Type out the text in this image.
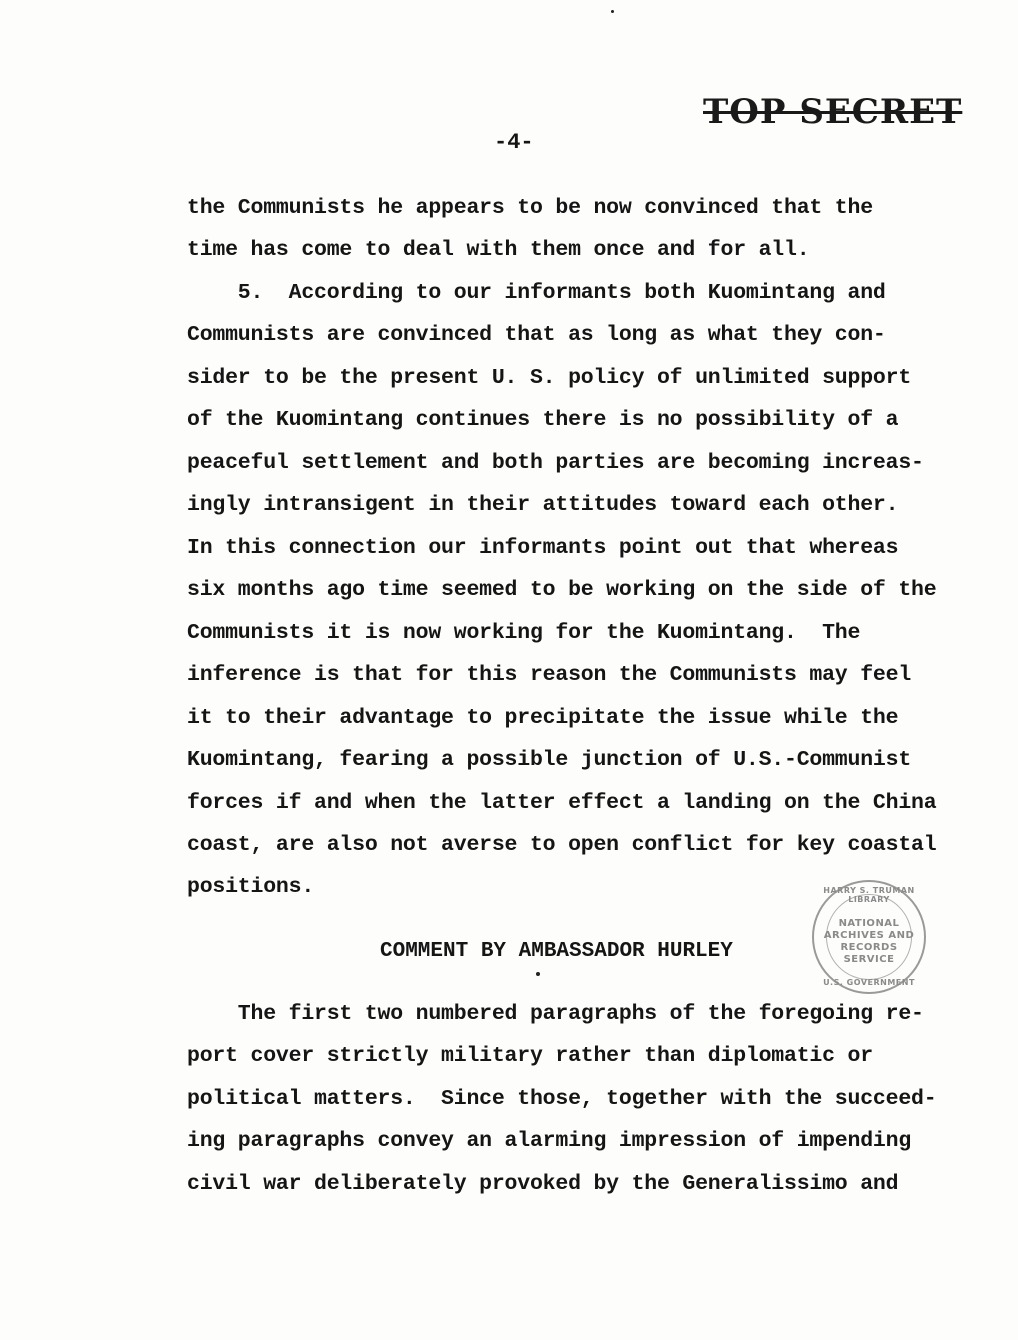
TOP SECRET
-4-
the Communists he appears to be now convinced that the
time has come to deal with them once and for all.
5.  According to our informants both Kuomintang and
Communists are convinced that as long as what they con-
sider to be the present U. S. policy of unlimited support
of the Kuomintang continues there is no possibility of a
peaceful settlement and both parties are becoming increas-
ingly intransigent in their attitudes toward each other.
In this connection our informants point out that whereas
six months ago time seemed to be working on the side of the
Communists it is now working for the Kuomintang.  The
inference is that for this reason the Communists may feel
it to their advantage to precipitate the issue while the
Kuomintang, fearing a possible junction of U.S.-Communist
forces if and when the latter effect a landing on the China
coast, are also not averse to open conflict for key coastal
positions.
COMMENT BY AMBASSADOR HURLEY
The first two numbered paragraphs of the foregoing re-
port cover strictly military rather than diplomatic or
political matters.  Since those, together with the succeed-
ing paragraphs convey an alarming impression of impending
civil war deliberately provoked by the Generalissimo and
HARRY S. TRUMAN LIBRARY
NATIONAL
ARCHIVES AND
RECORDS
SERVICE
U.S. GOVERNMENT
